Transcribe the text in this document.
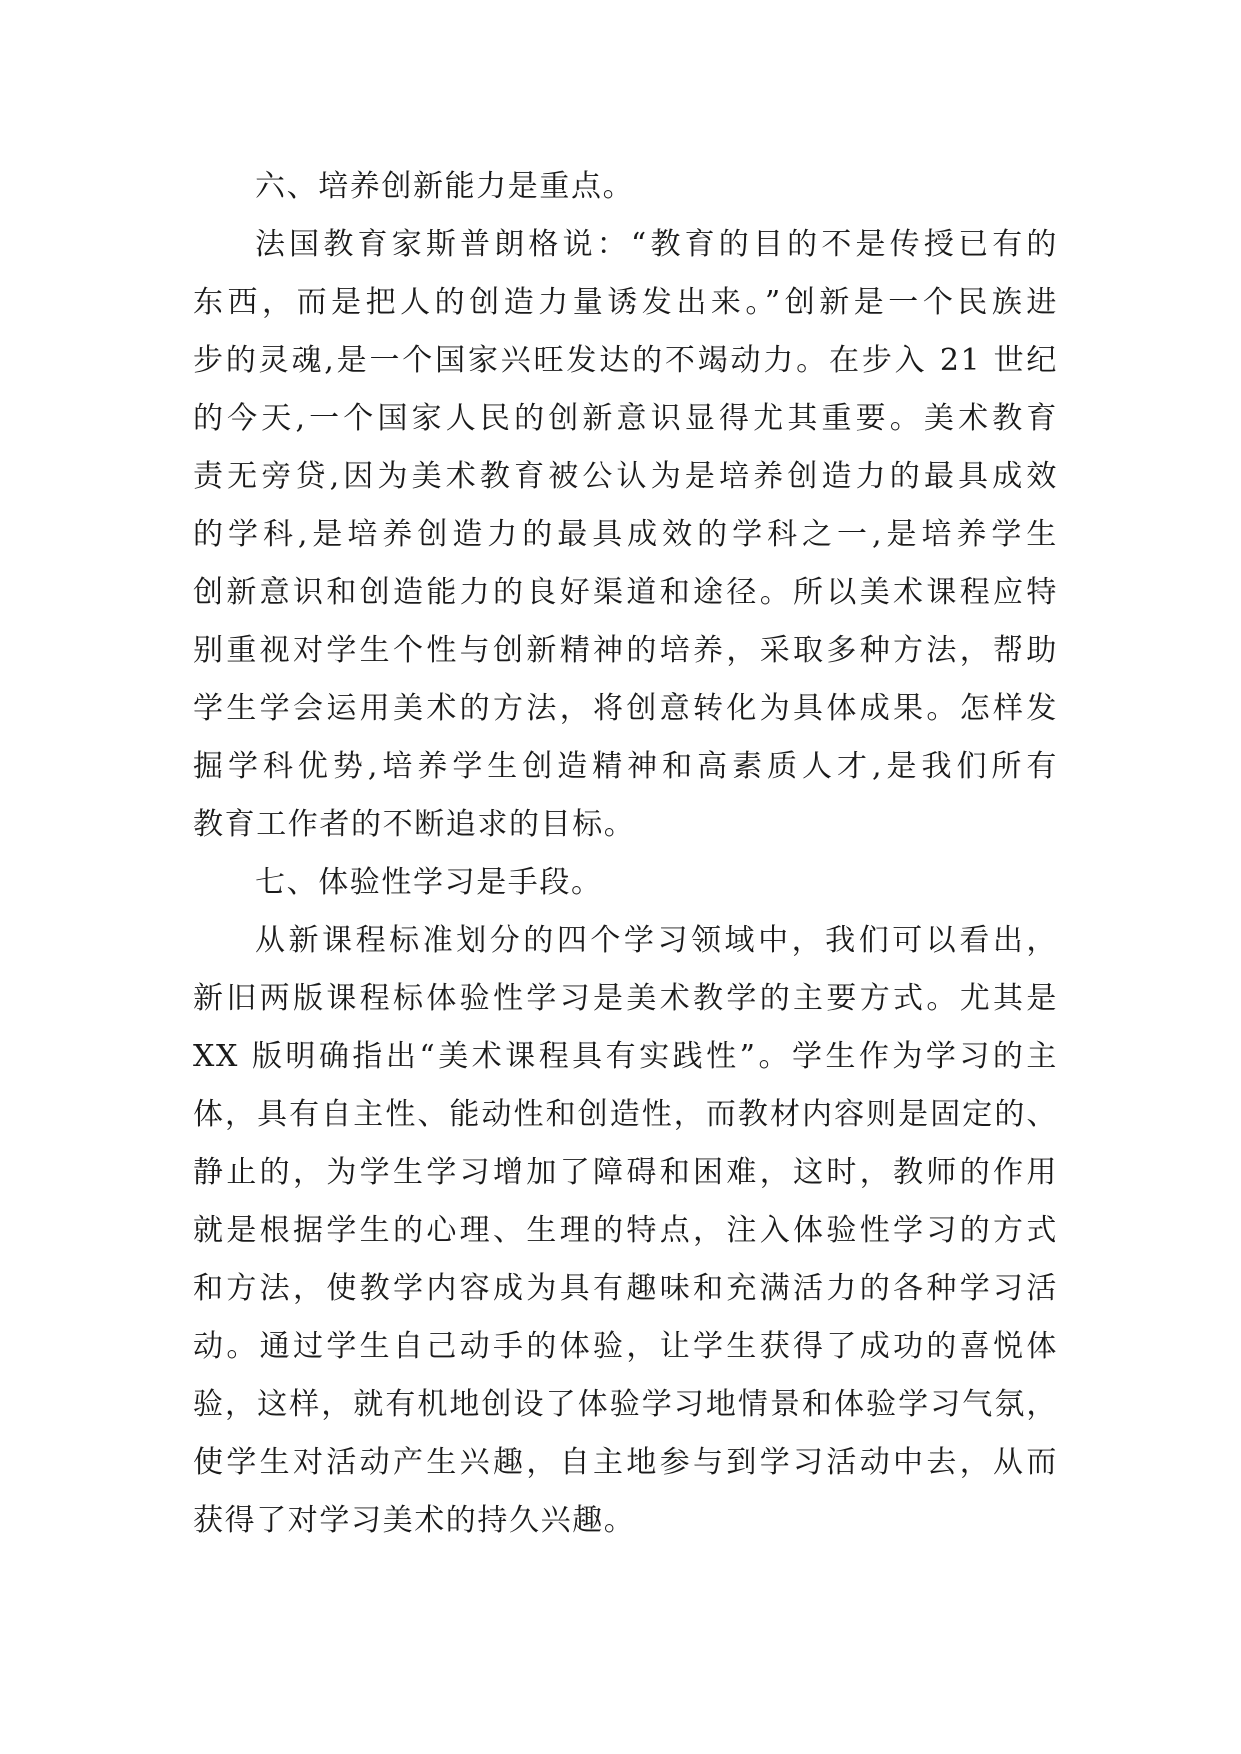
六、培养创新能力是重点。
法国教育家斯普朗格说：“教育的目的不是传授已有的
东西，而是把人的创造力量诱发出来。”创新是一个民族进
步的灵魂,是一个国家兴旺发达的不竭动力。在步入 21 世纪
的今天,一个国家人民的创新意识显得尤其重要。美术教育
责无旁贷,因为美术教育被公认为是培养创造力的最具成效
的学科,是培养创造力的最具成效的学科之一,是培养学生
创新意识和创造能力的良好渠道和途径。所以美术课程应特
别重视对学生个性与创新精神的培养，采取多种方法，帮助
学生学会运用美术的方法，将创意转化为具体成果。怎样发
掘学科优势,培养学生创造精神和高素质人才,是我们所有
教育工作者的不断追求的目标。
七、体验性学习是手段。
从新课程标准划分的四个学习领域中，我们可以看出，
新旧两版课程标体验性学习是美术教学的主要方式。尤其是
XX 版明确指出“美术课程具有实践性”。学生作为学习的主
体，具有自主性、能动性和创造性，而教材内容则是固定的、
静止的，为学生学习增加了障碍和困难，这时，教师的作用
就是根据学生的心理、生理的特点，注入体验性学习的方式
和方法，使教学内容成为具有趣味和充满活力的各种学习活
动。通过学生自己动手的体验，让学生获得了成功的喜悦体
验，这样，就有机地创设了体验学习地情景和体验学习气氛，
使学生对活动产生兴趣，自主地参与到学习活动中去，从而
获得了对学习美术的持久兴趣。
